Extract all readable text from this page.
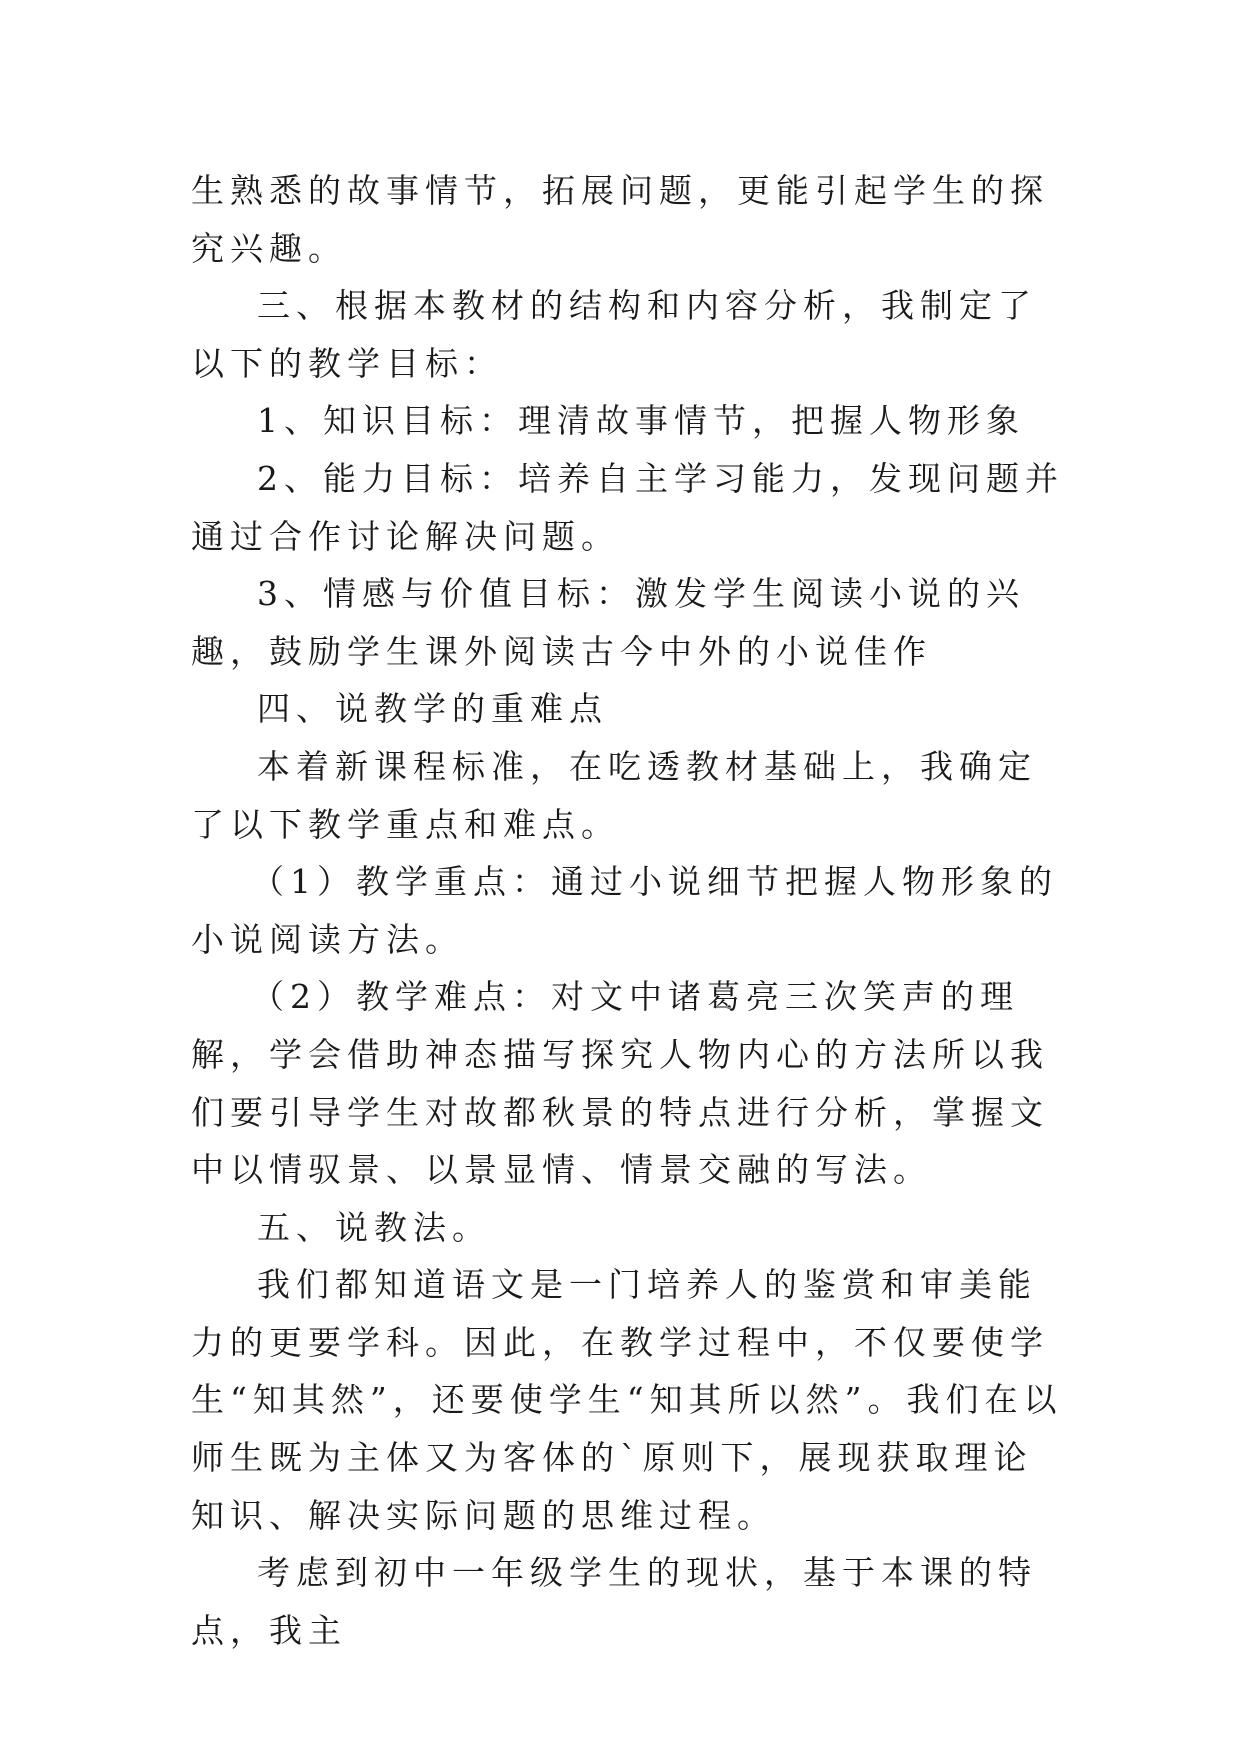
生熟悉的故事情节，拓展问题，更能引起学生的探究兴趣。

三、根据本教材的结构和内容分析，我制定了以下的教学目标：

1、知识目标：理清故事情节，把握人物形象

2、能力目标：培养自主学习能力，发现问题并通过合作讨论解决问题。

3、情感与价值目标：激发学生阅读小说的兴趣，鼓励学生课外阅读古今中外的小说佳作

四、说教学的重难点

本着新课程标准，在吃透教材基础上，我确定了以下教学重点和难点。

（1）教学重点：通过小说细节把握人物形象的小说阅读方法。

（2）教学难点：对文中诸葛亮三次笑声的理解，学会借助神态描写探究人物内心的方法所以我们要引导学生对故都秋景的特点进行分析，掌握文中以情驭景、以景显情、情景交融的写法。

五、说教法。

我们都知道语文是一门培养人的鉴赏和审美能力的更要学科。因此，在教学过程中，不仅要使学生“知其然”，还要使学生“知其所以然”。我们在以师生既为主体又为客体的`原则下，展现获取理论知识、解决实际问题的思维过程。

考虑到初中一年级学生的现状，基于本课的特点，我主
